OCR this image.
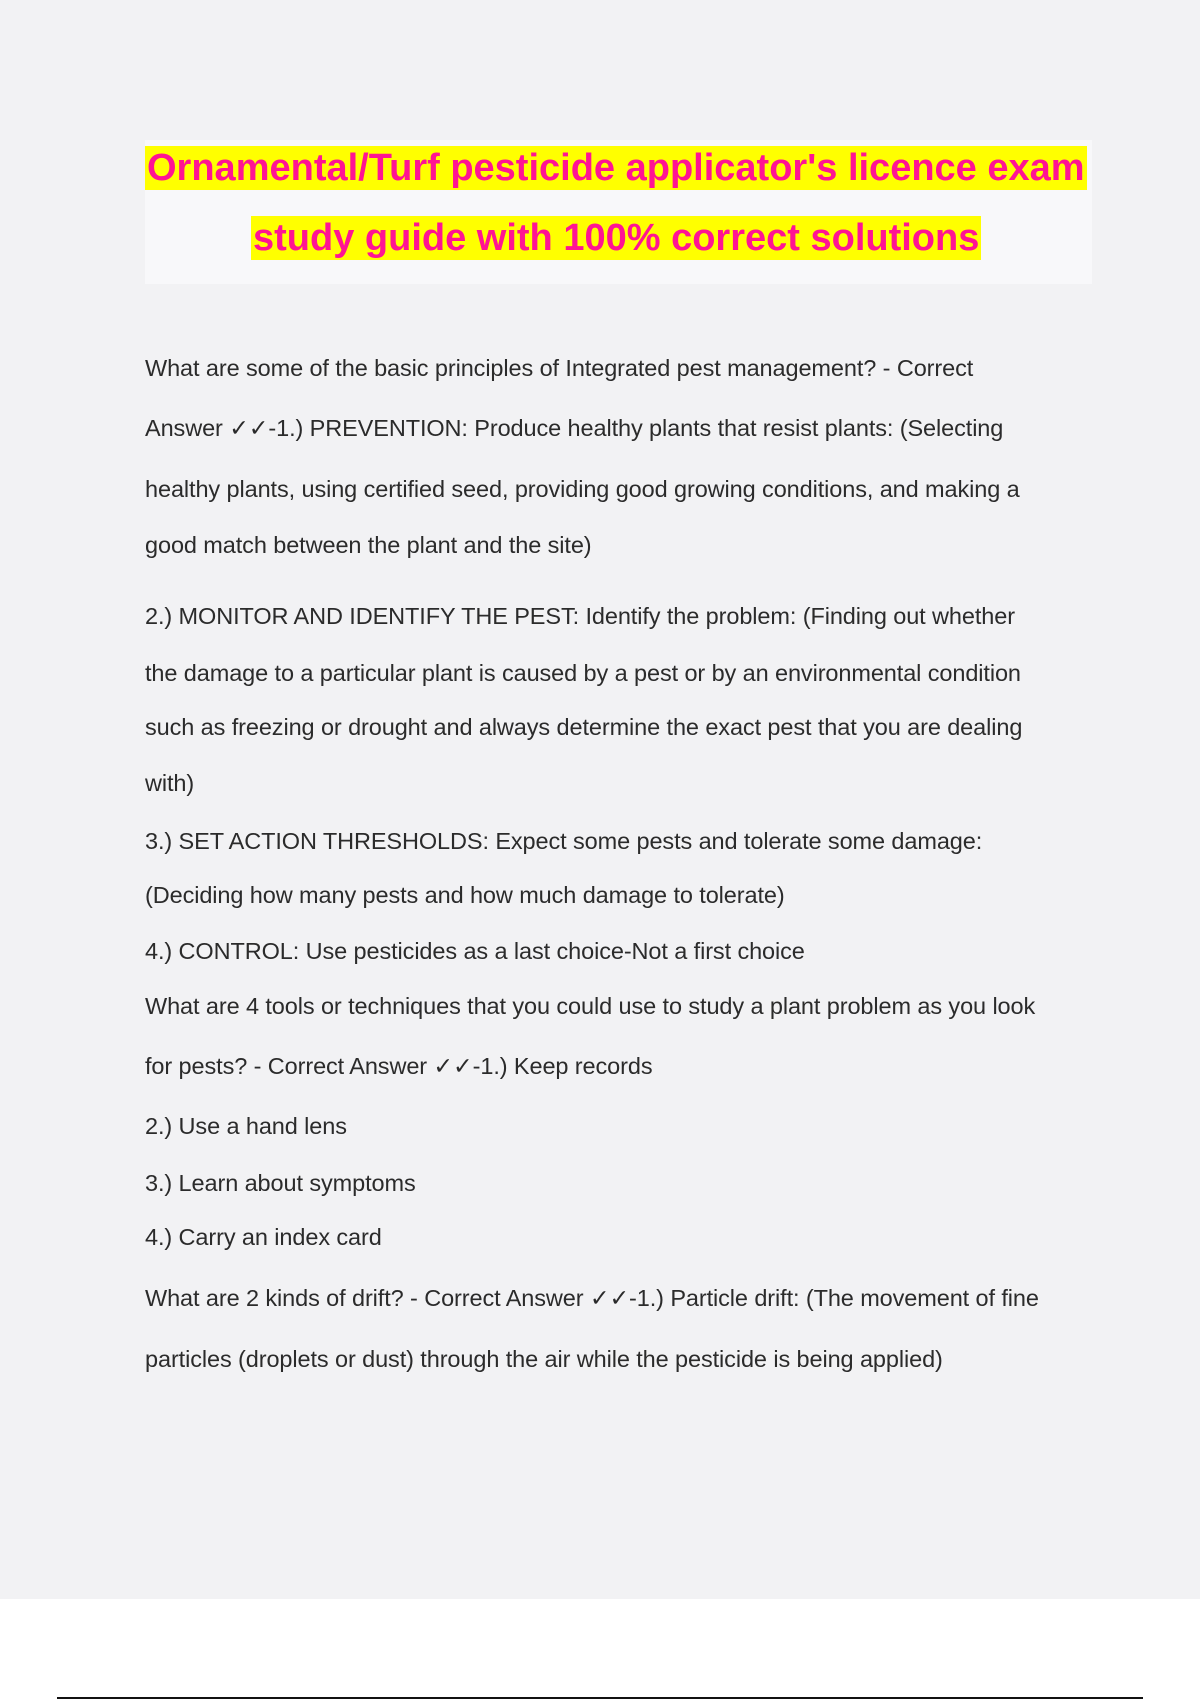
Ornamental/Turf pesticide applicator's licence exam
study guide with 100% correct solutions
What are some of the basic principles of Integrated pest management? - Correct
Answer ✓✓-1.) PREVENTION: Produce healthy plants that resist plants: (Selecting
healthy plants, using certified seed, providing good growing conditions, and making a
good match between the plant and the site)
2.) MONITOR AND IDENTIFY THE PEST: Identify the problem: (Finding out whether
the damage to a particular plant is caused by a pest or by an environmental condition
such as freezing or drought and always determine the exact pest that you are dealing
with)
3.) SET ACTION THRESHOLDS: Expect some pests and tolerate some damage:
(Deciding how many pests and how much damage to tolerate)
4.) CONTROL: Use pesticides as a last choice-Not a first choice
What are 4 tools or techniques that you could use to study a plant problem as you look
for pests? - Correct Answer ✓✓-1.) Keep records
2.) Use a hand lens
3.) Learn about symptoms
4.) Carry an index card
What are 2 kinds of drift? - Correct Answer ✓✓-1.) Particle drift: (The movement of fine
particles (droplets or dust) through the air while the pesticide is being applied)
